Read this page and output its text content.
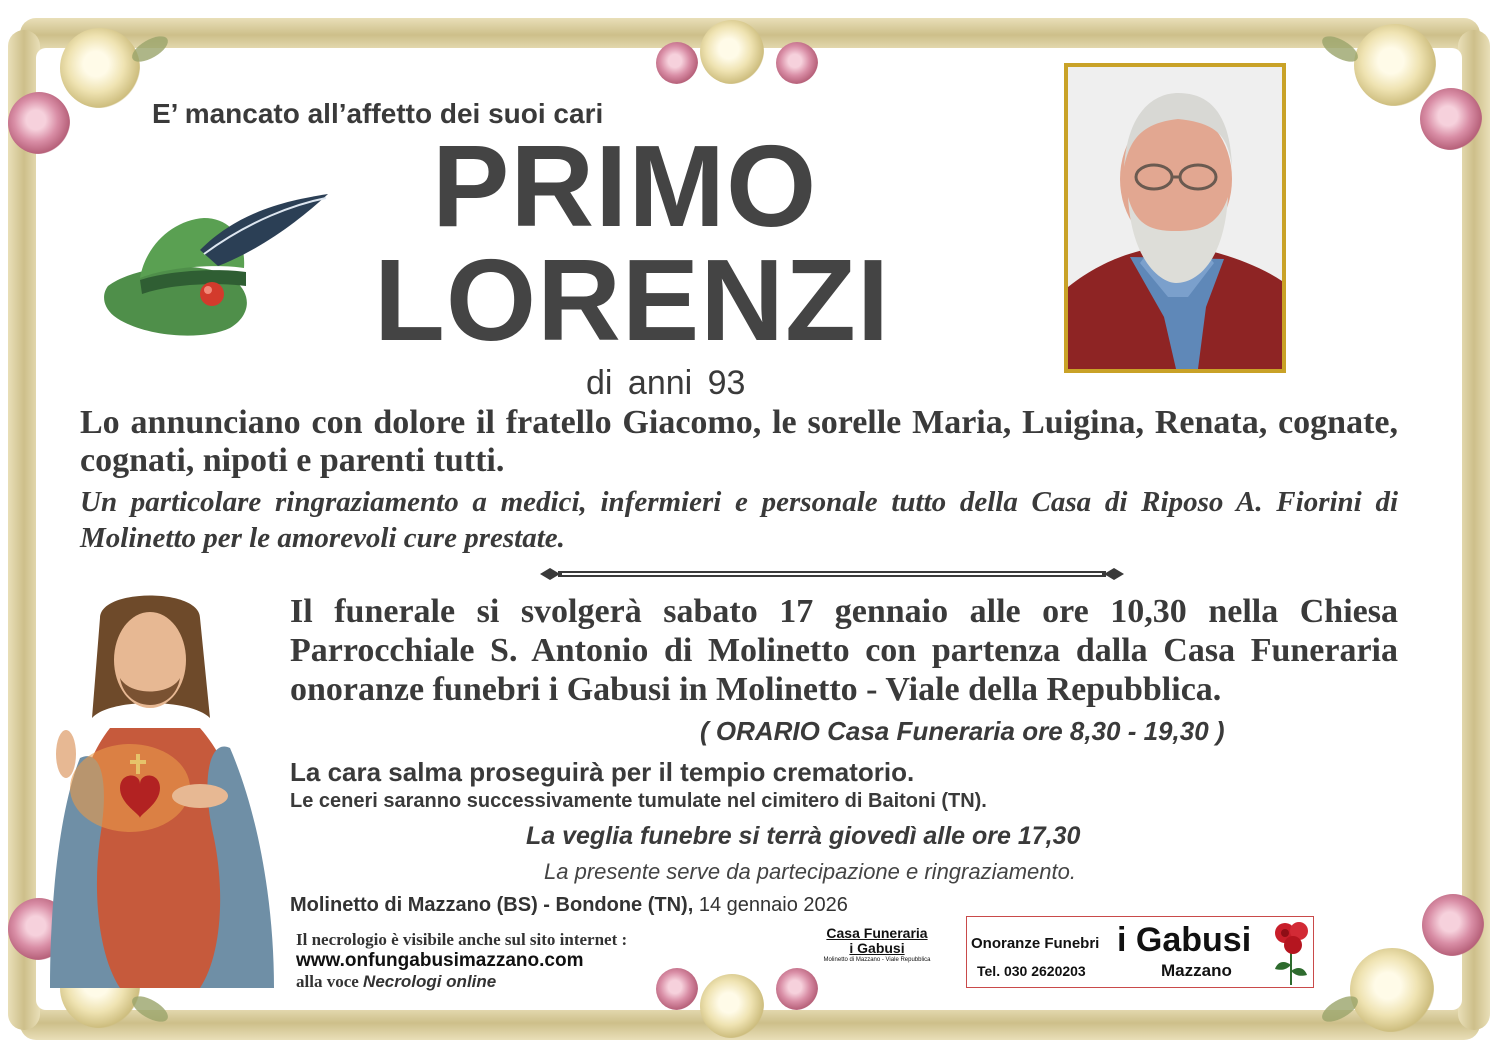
E’ mancato all’affetto dei suoi cari
PRIMO
LORENZI
di anni 93
Lo annunciano con dolore il fratello Giacomo, le sorelle Maria, Luigina, Renata, cognate, cognati, nipoti e parenti tutti.
Un particolare ringraziamento a medici, infermieri e personale tutto della Casa di Riposo A. Fiorini di Molinetto per le amorevoli cure prestate.
Il funerale si svolgerà sabato 17 gennaio alle ore 10,30 nella Chiesa Parrocchiale S. Antonio di Molinetto con partenza dalla Casa Funeraria onoranze funebri i Gabusi in Molinetto - Viale della Repubblica.
( ORARIO Casa Funeraria ore 8,30 - 19,30 )
La cara salma proseguirà per il tempio crematorio.
Le ceneri saranno successivamente tumulate nel cimitero di Baitoni (TN).
La veglia funebre si terrà giovedì alle ore 17,30
La presente serve da partecipazione e ringraziamento.
Molinetto di Mazzano (BS) - Bondone (TN), 14 gennaio 2026
Il necrologio è visibile anche sul sito internet :
www.onfungabusimazzano.com
alla voce Necrologi online
Casa Funeraria
i Gabusi
Molinetto di Mazzano - Viale Repubblica
Onoranze Funebri i Gabusi
Tel. 030 2620203	Mazzano
